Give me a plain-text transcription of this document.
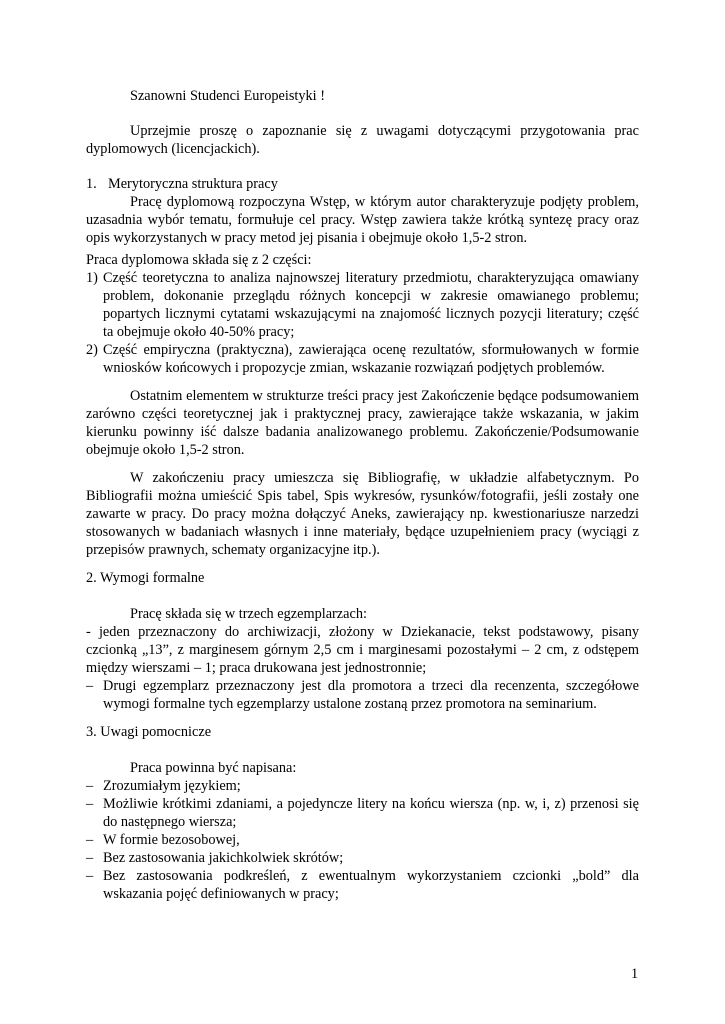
Szanowni Studenci Europeistyki !

Uprzejmie proszę o zapoznanie się z uwagami dotyczącymi przygotowania prac dyplomowych (licencjackich).

1. Merytoryczna struktura pracy

Pracę dyplomową rozpoczyna Wstęp, w którym autor charakteryzuje podjęty problem, uzasadnia wybór tematu, formułuje cel pracy. Wstęp zawiera także krótką syntezę pracy oraz opis wykorzystanych w pracy metod jej pisania i obejmuje około 1,5-2 stron.

Praca dyplomowa składa się z 2 części:

1) Część teoretyczna to analiza najnowszej literatury przedmiotu, charakteryzująca omawiany problem, dokonanie przeglądu różnych koncepcji w zakresie omawianego problemu; popartych licznymi cytatami wskazującymi na znajomość licznych pozycji literatury; część ta obejmuje około 40-50% pracy;
2) Część empiryczna (praktyczna), zawierająca ocenę rezultatów, sformułowanych w formie wniosków końcowych i propozycje zmian, wskazanie rozwiązań podjętych problemów.

Ostatnim elementem w strukturze treści pracy jest Zakończenie będące podsumowaniem zarówno części teoretycznej jak i praktycznej pracy, zawierające także wskazania, w jakim kierunku powinny iść dalsze badania analizowanego problemu. Zakończenie/Podsumowanie obejmuje około 1,5-2 stron.

W zakończeniu pracy umieszcza się Bibliografię, w układzie alfabetycznym. Po Bibliografii można umieścić Spis tabel, Spis wykresów, rysunków/fotografii, jeśli zostały one zawarte w pracy. Do pracy można dołączyć Aneks, zawierający np. kwestionariusze narzedzi stosowanych w badaniach własnych i inne materiały, będące uzupełnieniem pracy (wyciągi z przepisów prawnych, schematy organizacyjne itp.).

2. Wymogi formalne

Pracę składa się w trzech egzemplarzach:

- jeden przeznaczony do archiwizacji, złożony w Dziekanacie, tekst podstawowy, pisany czcionką „13”, z marginesem górnym 2,5 cm i marginesami pozostałymi – 2 cm, z odstępem między wierszami – 1; praca drukowana jest jednostronnie;

– Drugi egzemplarz przeznaczony jest dla promotora a trzeci dla recenzenta, szczegółowe wymogi formalne tych egzemplarzy ustalone zostaną przez promotora na seminarium.

3. Uwagi pomocnicze

Praca powinna być napisana:

– Zrozumiałym językiem;
– Możliwie krótkimi zdaniami, a pojedyncze litery na końcu wiersza (np. w, i, z) przenosi się do następnego wiersza;
– W formie bezosobowej,
– Bez zastosowania jakichkolwiek skrótów;
– Bez zastosowania podkreśleń, z ewentualnym wykorzystaniem czcionki „bold” dla wskazania pojęć definiowanych w pracy;
1
